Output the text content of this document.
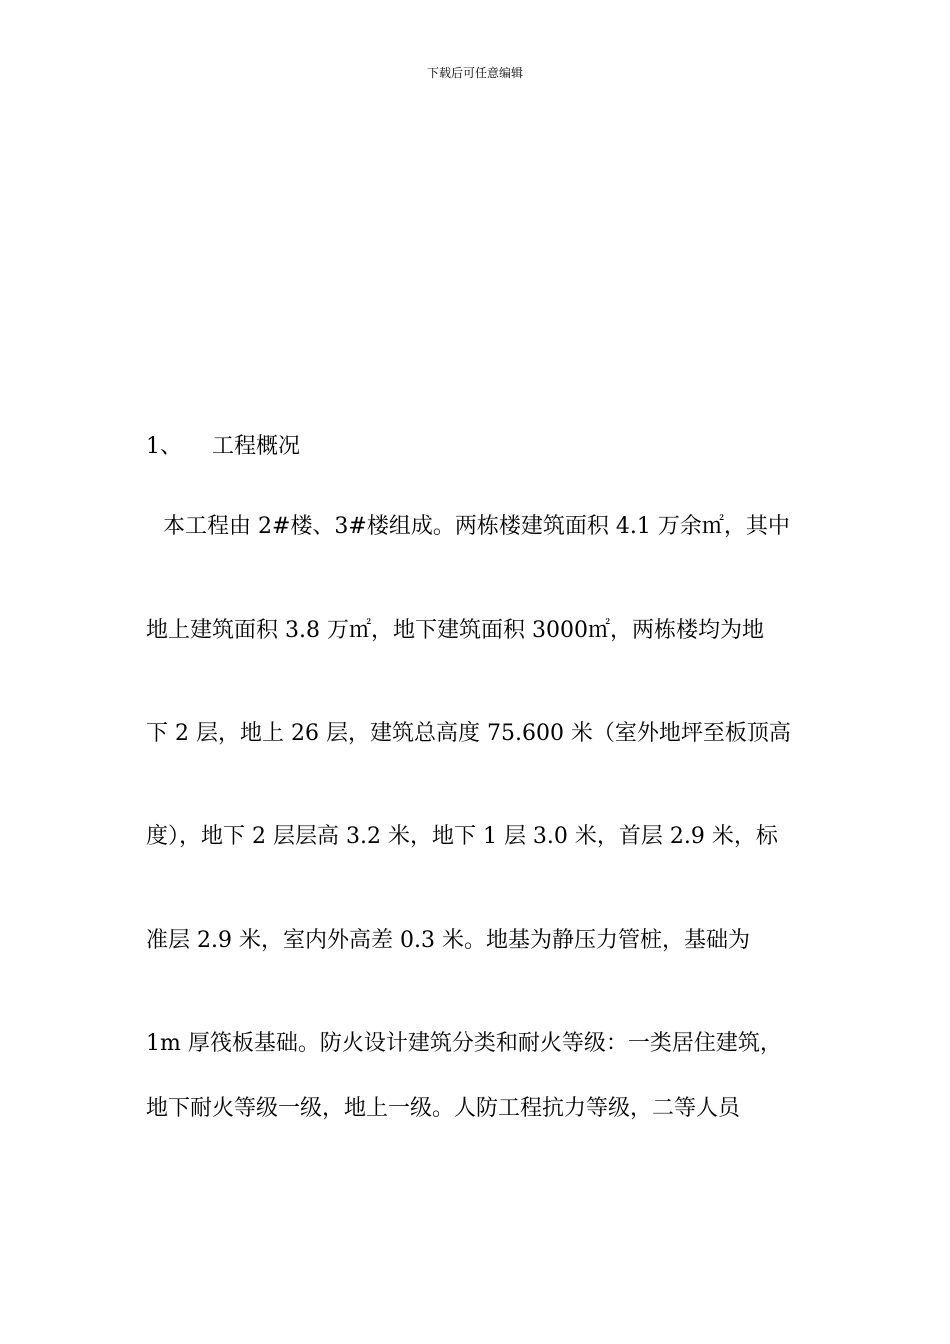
下载后可任意编辑
1、 工程概况
本工程由 2#楼、3#楼组成。两栋楼建筑面积 4.1 万余㎡，其中
地上建筑面积 3.8 万㎡，地下建筑面积 3000㎡，两栋楼均为地
下 2 层，地上 26 层，建筑总高度 75.600 米（室外地坪至板顶高
度），地下 2 层层高 3.2 米，地下 1 层 3.0 米，首层 2.9 米，标
准层 2.9 米，室内外高差 0.3 米。地基为静压力管桩，基础为
1m 厚筏板基础。防火设计建筑分类和耐火等级：一类居住建筑，
地下耐火等级一级，地上一级。人防工程抗力等级，二等人员
